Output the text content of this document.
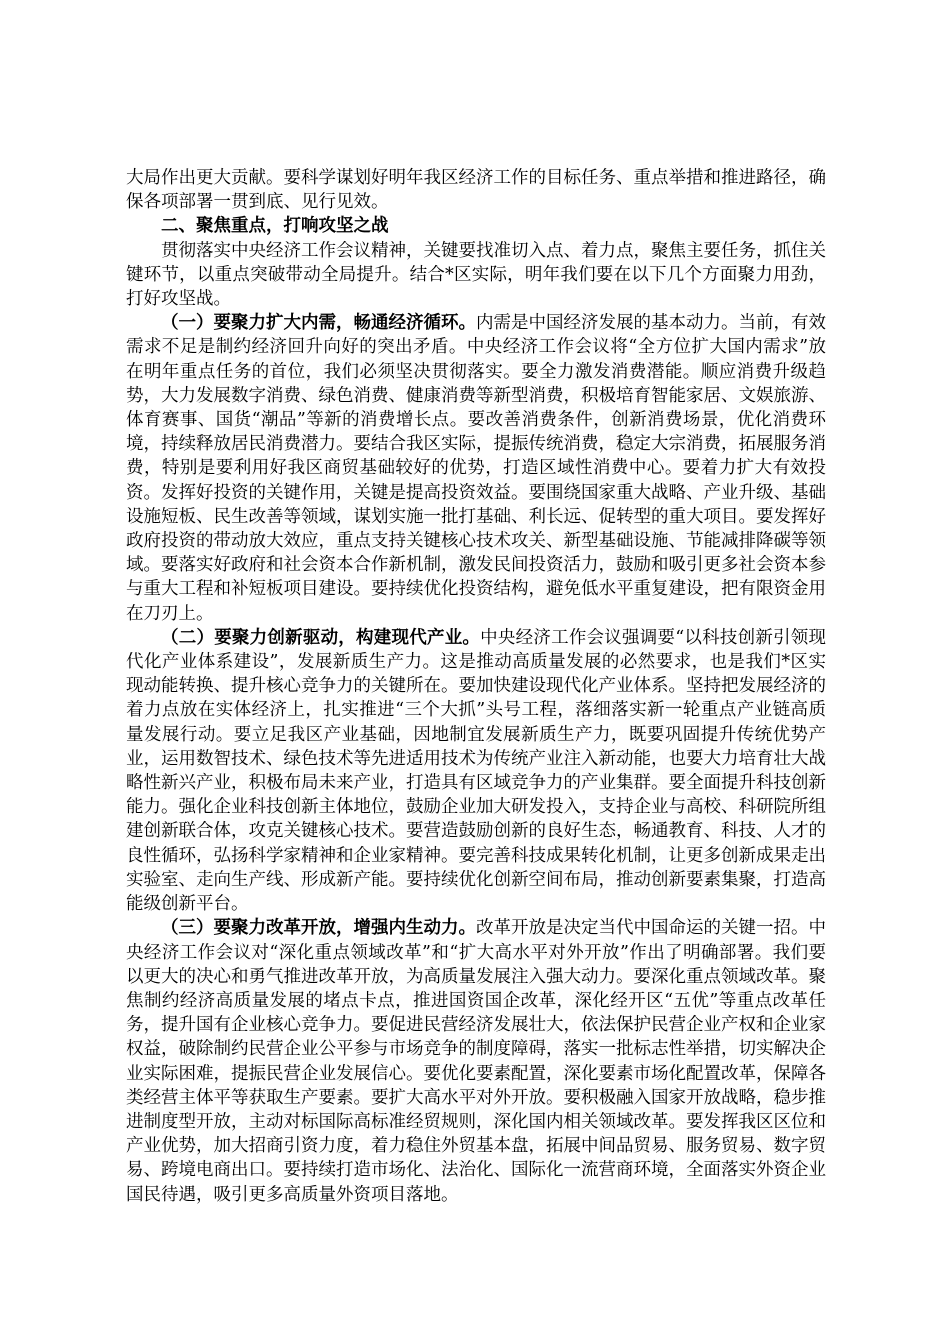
大局作出更大贡献。要科学谋划好明年我区经济工作的目标任务、重点举措和推进路径，确保各项部署一贯到底、见行见效。

二、聚焦重点，打响攻坚之战

贯彻落实中央经济工作会议精神，关键要找准切入点、着力点，聚焦主要任务，抓住关键环节，以重点突破带动全局提升。结合*区实际，明年我们要在以下几个方面聚力用劲，打好攻坚战。

（一）要聚力扩大内需，畅通经济循环。内需是中国经济发展的基本动力。当前，有效需求不足是制约经济回升向好的突出矛盾。中央经济工作会议将“全方位扩大国内需求”放在明年重点任务的首位，我们必须坚决贯彻落实。要全力激发消费潜能。顺应消费升级趋势，大力发展数字消费、绿色消费、健康消费等新型消费，积极培育智能家居、文娱旅游、体育赛事、国货“潮品”等新的消费增长点。要改善消费条件，创新消费场景，优化消费环境，持续释放居民消费潜力。要结合我区实际，提振传统消费，稳定大宗消费，拓展服务消费，特别是要利用好我区商贸基础较好的优势，打造区域性消费中心。要着力扩大有效投资。发挥好投资的关键作用，关键是提高投资效益。要围绕国家重大战略、产业升级、基础设施短板、民生改善等领域，谋划实施一批打基础、利长远、促转型的重大项目。要发挥好政府投资的带动放大效应，重点支持关键核心技术攻关、新型基础设施、节能减排降碳等领域。要落实好政府和社会资本合作新机制，激发民间投资活力，鼓励和吸引更多社会资本参与重大工程和补短板项目建设。要持续优化投资结构，避免低水平重复建设，把有限资金用在刀刃上。

（二）要聚力创新驱动，构建现代产业。中央经济工作会议强调要“以科技创新引领现代化产业体系建设”，发展新质生产力。这是推动高质量发展的必然要求，也是我们*区实现动能转换、提升核心竞争力的关键所在。要加快建设现代化产业体系。坚持把发展经济的着力点放在实体经济上，扎实推进“三个大抓”头号工程，落细落实新一轮重点产业链高质量发展行动。要立足我区产业基础，因地制宜发展新质生产力，既要巩固提升传统优势产业，运用数智技术、绿色技术等先进适用技术为传统产业注入新动能，也要大力培育壮大战略性新兴产业，积极布局未来产业，打造具有区域竞争力的产业集群。要全面提升科技创新能力。强化企业科技创新主体地位，鼓励企业加大研发投入，支持企业与高校、科研院所组建创新联合体，攻克关键核心技术。要营造鼓励创新的良好生态，畅通教育、科技、人才的良性循环，弘扬科学家精神和企业家精神。要完善科技成果转化机制，让更多创新成果走出实验室、走向生产线、形成新产能。要持续优化创新空间布局，推动创新要素集聚，打造高能级创新平台。

（三）要聚力改革开放，增强内生动力。改革开放是决定当代中国命运的关键一招。中央经济工作会议对“深化重点领域改革”和“扩大高水平对外开放”作出了明确部署。我们要以更大的决心和勇气推进改革开放，为高质量发展注入强大动力。要深化重点领域改革。聚焦制约经济高质量发展的堵点卡点，推进国资国企改革，深化经开区“五优”等重点改革任务，提升国有企业核心竞争力。要促进民营经济发展壮大，依法保护民营企业产权和企业家权益，破除制约民营企业公平参与市场竞争的制度障碍，落实一批标志性举措，切实解决企业实际困难，提振民营企业发展信心。要优化要素配置，深化要素市场化配置改革，保障各类经营主体平等获取生产要素。要扩大高水平对外开放。要积极融入国家开放战略，稳步推进制度型开放，主动对标国际高标准经贸规则，深化国内相关领域改革。要发挥我区区位和产业优势，加大招商引资力度，着力稳住外贸基本盘，拓展中间品贸易、服务贸易、数字贸易、跨境电商出口。要持续打造市场化、法治化、国际化一流营商环境，全面落实外资企业国民待遇，吸引更多高质量外资项目落地。
